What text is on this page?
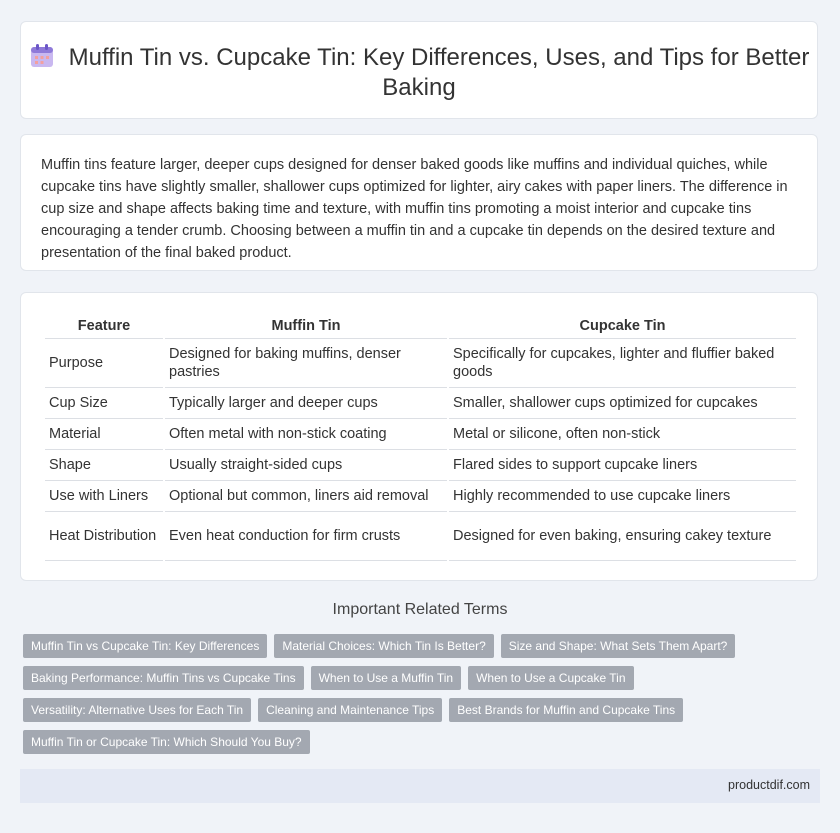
Muffin Tin vs. Cupcake Tin: Key Differences, Uses, and Tips for Better Baking
Muffin tins feature larger, deeper cups designed for denser baked goods like muffins and individual quiches, while cupcake tins have slightly smaller, shallower cups optimized for lighter, airy cakes with paper liners. The difference in cup size and shape affects baking time and texture, with muffin tins promoting a moist interior and cupcake tins encouraging a tender crumb. Choosing between a muffin tin and a cupcake tin depends on the desired texture and presentation of the final baked product.
Feature	Muffin Tin	Cupcake Tin
Purpose	Designed for baking muffins, denser pastries	Specifically for cupcakes, lighter and fluffier baked goods
Cup Size	Typically larger and deeper cups	Smaller, shallower cups optimized for cupcakes
Material	Often metal with non-stick coating	Metal or silicone, often non-stick
Shape	Usually straight-sided cups	Flared sides to support cupcake liners
Use with Liners	Optional but common, liners aid removal	Highly recommended to use cupcake liners
Heat Distribution	Even heat conduction for firm crusts	Designed for even baking, ensuring cakey texture
Important Related Terms
Muffin Tin vs Cupcake Tin: Key Differences	Material Choices: Which Tin Is Better?	Size and Shape: What Sets Them Apart?
Baking Performance: Muffin Tins vs Cupcake Tins	When to Use a Muffin Tin	When to Use a Cupcake Tin
Versatility: Alternative Uses for Each Tin	Cleaning and Maintenance Tips	Best Brands for Muffin and Cupcake Tins
Muffin Tin or Cupcake Tin: Which Should You Buy?
productdif.com
